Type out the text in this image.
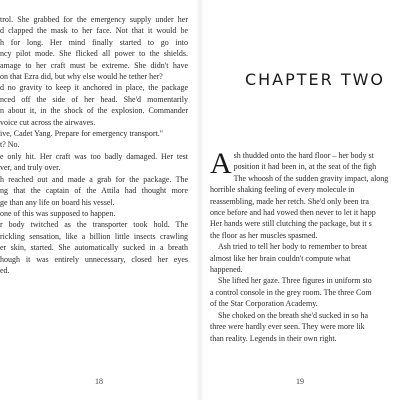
trol. She grabbed for the emergency supply under her
d clapped the mask to her face. Not that it would be
h for long. Her mind finally started to go into
ncy pilot mode. She flicked all power to the shields.
amage to her craft must be extreme. She didn't have
on that Ezra did, but why else would he tether her?
d no gravity to keep it anchored in place, the package
nced off the side of her head. She'd momentarily
n about it, in the shock of the explosion. Commander
voice cut across the airwaves.
ive, Cadet Yang. Prepare for emergency transport."
t? No.
e only hit. Her craft was too badly damaged. Her test
ver, and truly over.
h reached out and made a grab for the package. The
ng that the captain of the Attila had thought more
ge than any life on board his vessel.
one of this was supposed to happen.
r body twitched as the transporter took hold. The
rickling sensation, like a billion little insects crawling
er skin, started. She automatically sucked in a breath
hough it was entirely unnecessary, closed her eyes
ed.
18
CHAPTER TWO
A sh thudded onto the hard floor – her body st
position it had been in, at the seat of the figh
The whoosh of the sudden gravity impact, along
horrible shaking feeling of every molecule in
reassembling, made her retch. She'd only been tra
once before and had vowed then never to let it happ
Her hands were still clutching the package, but it s
the floor as her muscles spasmed.
Ash tried to tell her body to remember to breat
almost like her brain couldn't compute what
happened.
She lifted her gaze. Three figures in uniform sto
a control console in the grey room. The three Com
of the Star Corporation Academy.
She choked on the breath she'd sucked in so ha
three were hardly ever seen. They were more lik
than reality. Legends in their own right.
19
